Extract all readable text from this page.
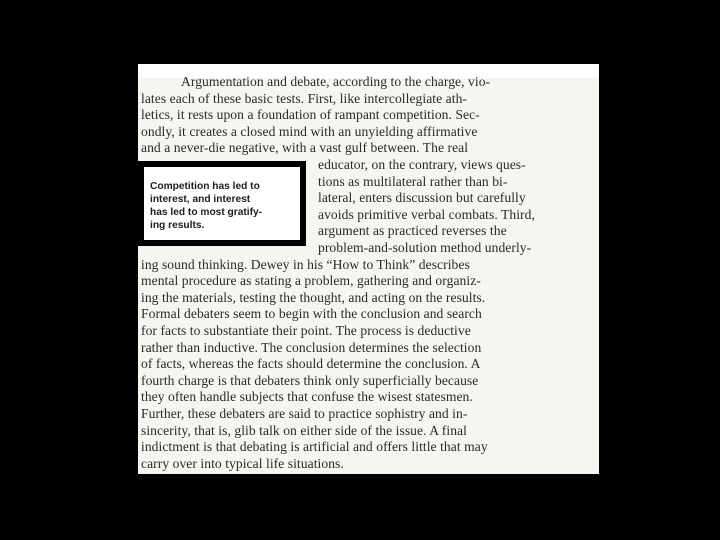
Argumentation and debate, according to the charge, vio-
lates each of these basic tests. First, like intercollegiate ath-
letics, it rests upon a foundation of rampant competition. Sec-
ondly, it creates a closed mind with an unyielding affirmative
and a never-die negative, with a vast gulf between. The real
educator, on the contrary, views ques-
tions as multilateral rather than bi-
lateral, enters discussion but carefully
avoids primitive verbal combats. Third,
argument as practiced reverses the
problem-and-solution method underly-
ing sound thinking. Dewey in his “How to Think” describes
mental procedure as stating a problem, gathering and organiz-
ing the materials, testing the thought, and acting on the results.
Formal debaters seem to begin with the conclusion and search
for facts to substantiate their point. The process is deductive
rather than inductive. The conclusion determines the selection
of facts, whereas the facts should determine the conclusion. A
fourth charge is that debaters think only superficially because
they often handle subjects that confuse the wisest statesmen.
Further, these debaters are said to practice sophistry and in-
sincerity, that is, glib talk on either side of the issue. A final
indictment is that debating is artificial and offers little that may
carry over into typical life situations.
Competition has led to
interest, and interest
has led to most gratify-
ing results.
